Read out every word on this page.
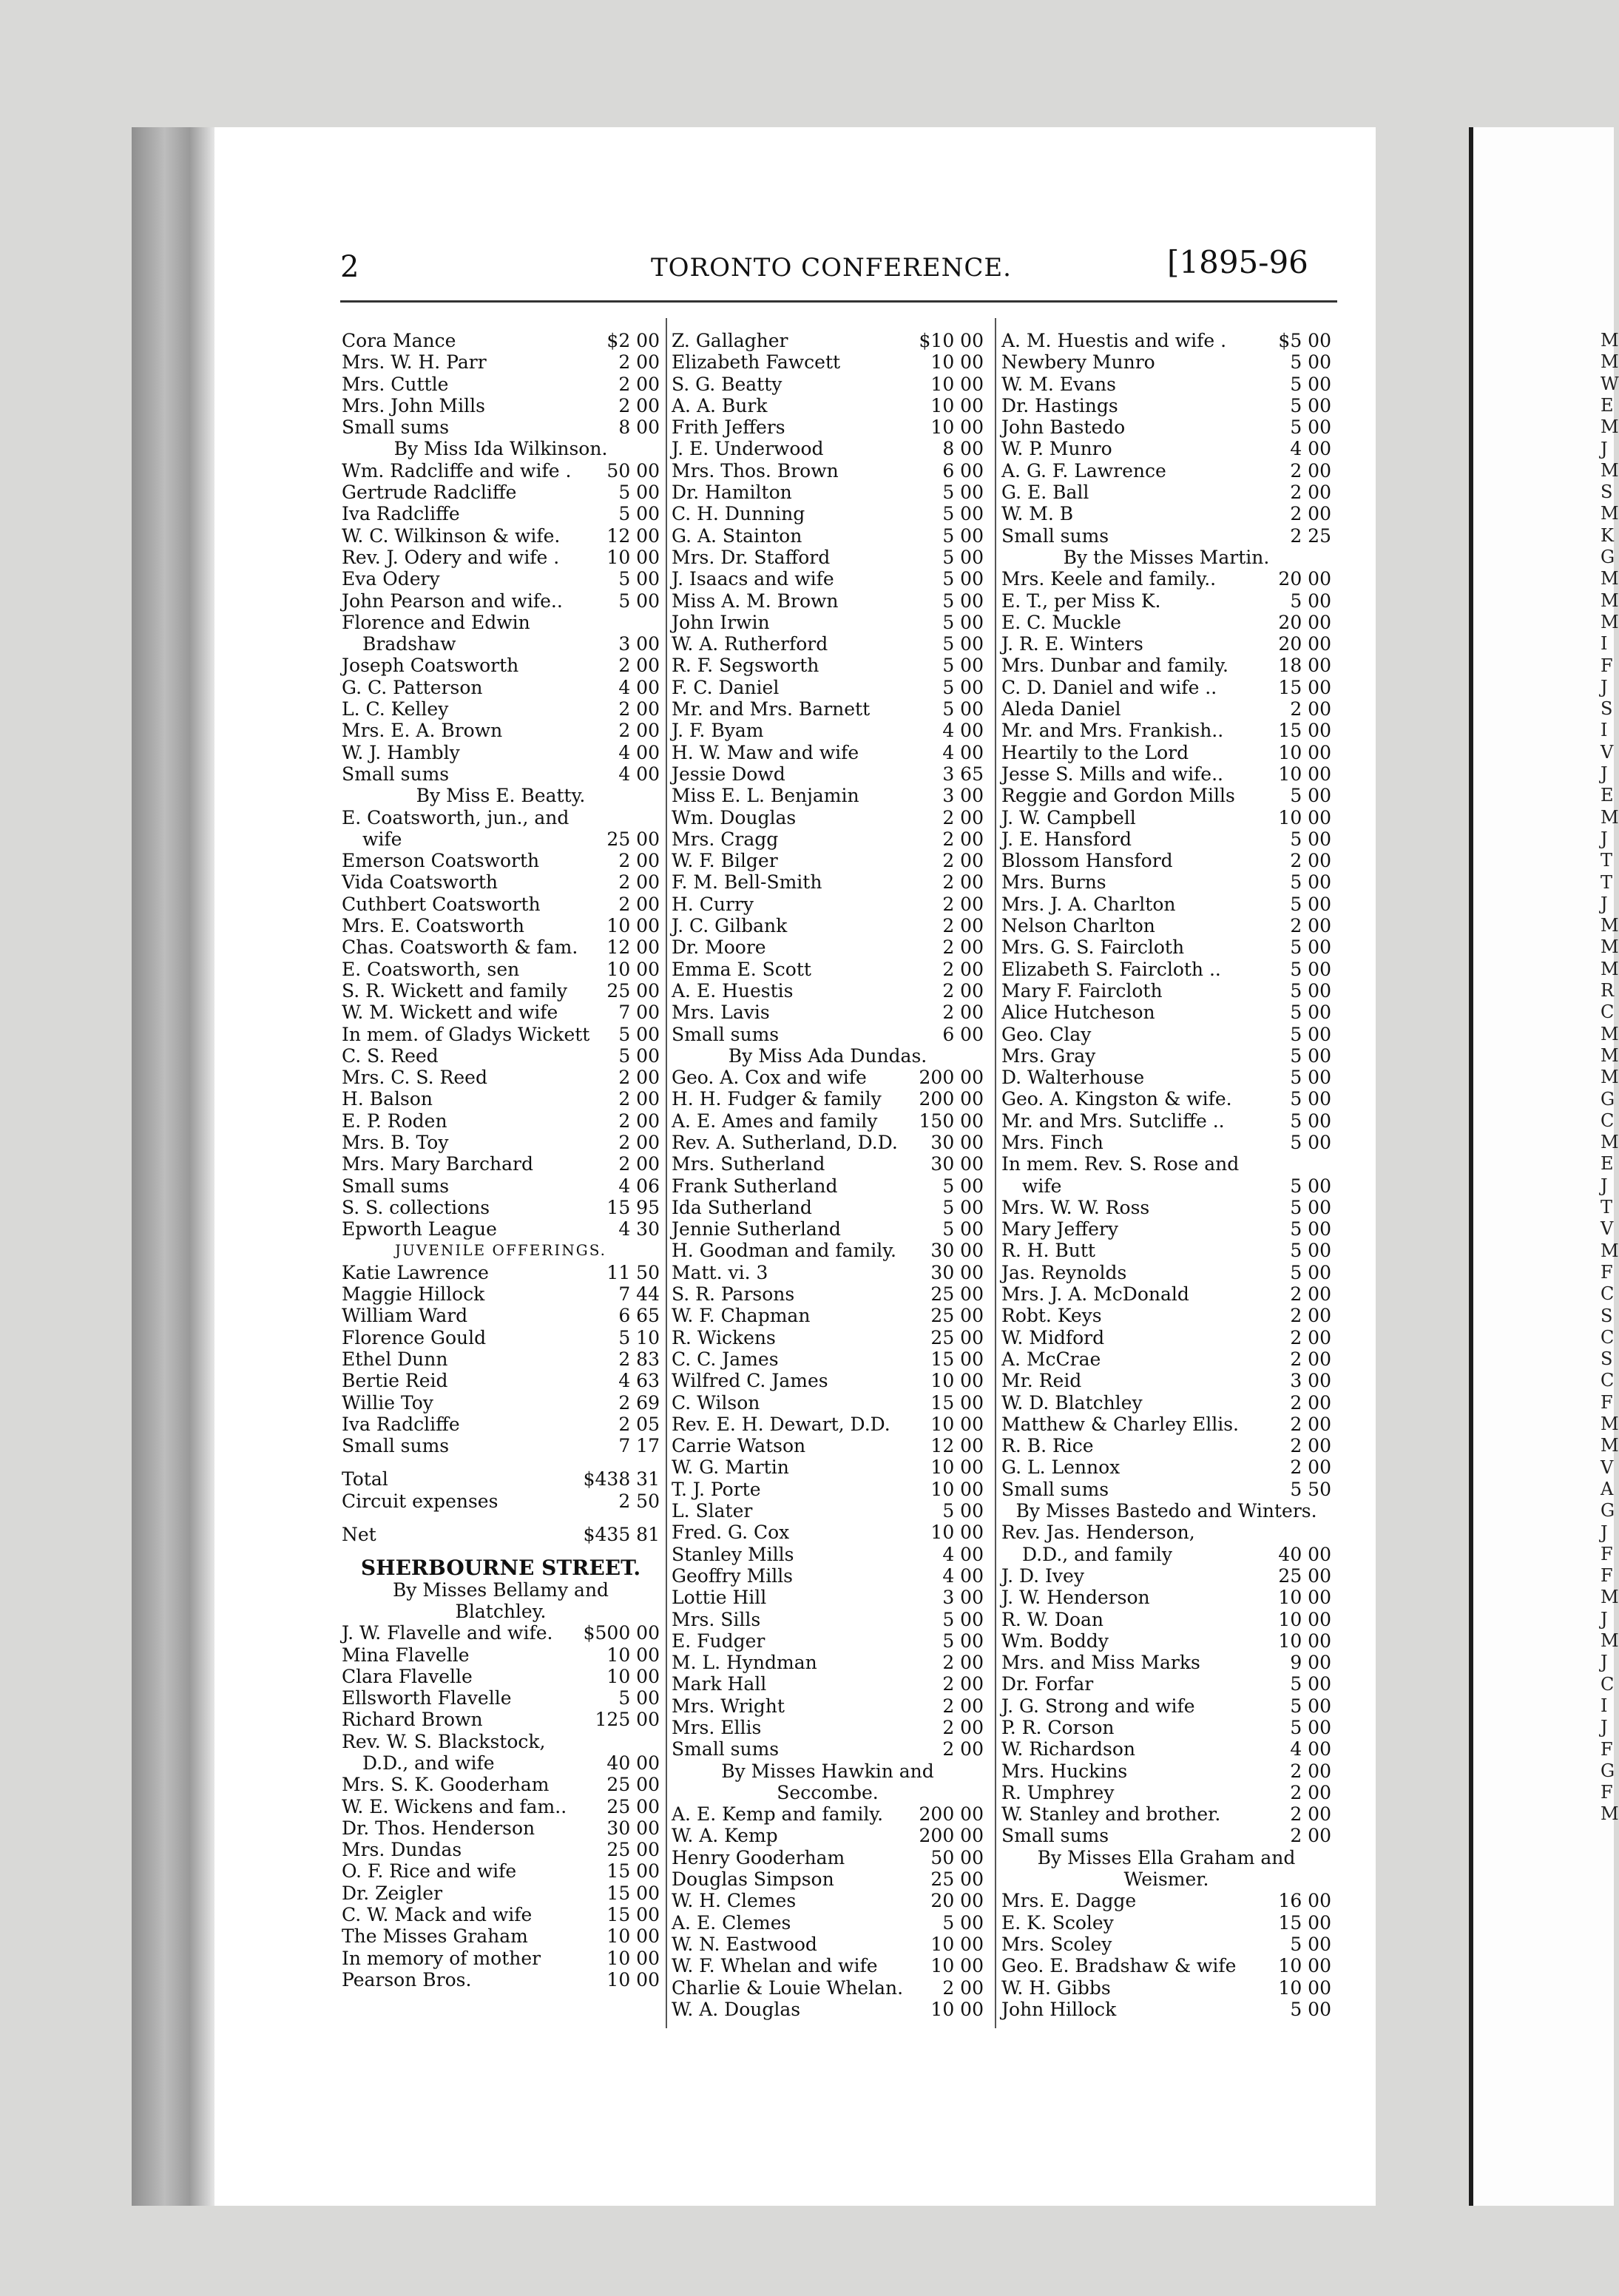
2	TORONTO CONFERENCE.	[1895-96
Cora Mance	$2 00
Mrs. W. H. Parr	2 00
Mrs. Cuttle	2 00
Mrs. John Mills	2 00
Small sums	8 00
By Miss Ida Wilkinson.
Wm. Radcliffe and wife .	50 00
Gertrude Radcliffe	5 00
Iva Radcliffe	5 00
W. C. Wilkinson & wife.	12 00
Rev. J. Odery and wife .	10 00
Eva Odery	5 00
John Pearson and wife..	5 00
Florence and Edwin
Bradshaw	3 00
Joseph Coatsworth	2 00
G. C. Patterson	4 00
L. C. Kelley	2 00
Mrs. E. A. Brown	2 00
W. J. Hambly	4 00
Small sums	4 00
By Miss E. Beatty.
E. Coatsworth, jun., and
wife	25 00
Emerson Coatsworth	2 00
Vida Coatsworth	2 00
Cuthbert Coatsworth	2 00
Mrs. E. Coatsworth	10 00
Chas. Coatsworth & fam.	12 00
E. Coatsworth, sen	10 00
S. R. Wickett and family	25 00
W. M. Wickett and wife	7 00
In mem. of Gladys Wickett	5 00
C. S. Reed	5 00
Mrs. C. S. Reed	2 00
H. Balson	2 00
E. P. Roden	2 00
Mrs. B. Toy	2 00
Mrs. Mary Barchard	2 00
Small sums	4 06
S. S. collections	15 95
Epworth League	4 30
JUVENILE OFFERINGS.
Katie Lawrence	11 50
Maggie Hillock	7 44
William Ward	6 65
Florence Gould	5 10
Ethel Dunn	2 83
Bertie Reid	4 63
Willie Toy	2 69
Iva Radcliffe	2 05
Small sums	7 17
Total	$438 31
Circuit expenses	2 50
Net	$435 81
SHERBOURNE STREET.
By Misses Bellamy and
Blatchley.
J. W. Flavelle and wife.	$500 00
Mina Flavelle	10 00
Clara Flavelle	10 00
Ellsworth Flavelle	5 00
Richard Brown	125 00
Rev. W. S. Blackstock,
D.D., and wife	40 00
Mrs. S. K. Gooderham	25 00
W. E. Wickens and fam..	25 00
Dr. Thos. Henderson	30 00
Mrs. Dundas	25 00
O. F. Rice and wife	15 00
Dr. Zeigler	15 00
C. W. Mack and wife	15 00
The Misses Graham	10 00
In memory of mother	10 00
Pearson Bros.	10 00
Z. Gallagher	$10 00
Elizabeth Fawcett	10 00
S. G. Beatty	10 00
A. A. Burk	10 00
Frith Jeffers	10 00
J. E. Underwood	8 00
Mrs. Thos. Brown	6 00
Dr. Hamilton	5 00
C. H. Dunning	5 00
G. A. Stainton	5 00
Mrs. Dr. Stafford	5 00
J. Isaacs and wife	5 00
Miss A. M. Brown	5 00
John Irwin	5 00
W. A. Rutherford	5 00
R. F. Segsworth	5 00
F. C. Daniel	5 00
Mr. and Mrs. Barnett	5 00
J. F. Byam	4 00
H. W. Maw and wife	4 00
Jessie Dowd	3 65
Miss E. L. Benjamin	3 00
Wm. Douglas	2 00
Mrs. Cragg	2 00
W. F. Bilger	2 00
F. M. Bell-Smith	2 00
H. Curry	2 00
J. C. Gilbank	2 00
Dr. Moore	2 00
Emma E. Scott	2 00
A. E. Huestis	2 00
Mrs. Lavis	2 00
Small sums	6 00
By Miss Ada Dundas.
Geo. A. Cox and wife	200 00
H. H. Fudger & family	200 00
A. E. Ames and family	150 00
Rev. A. Sutherland, D.D.	30 00
Mrs. Sutherland	30 00
Frank Sutherland	5 00
Ida Sutherland	5 00
Jennie Sutherland	5 00
H. Goodman and family.	30 00
Matt. vi. 3	30 00
S. R. Parsons	25 00
W. F. Chapman	25 00
R. Wickens	25 00
C. C. James	15 00
Wilfred C. James	10 00
C. Wilson	15 00
Rev. E. H. Dewart, D.D.	10 00
Carrie Watson	12 00
W. G. Martin	10 00
T. J. Porte	10 00
L. Slater	5 00
Fred. G. Cox	10 00
Stanley Mills	4 00
Geoffry Mills	4 00
Lottie Hill	3 00
Mrs. Sills	5 00
E. Fudger	5 00
M. L. Hyndman	2 00
Mark Hall	2 00
Mrs. Wright	2 00
Mrs. Ellis	2 00
Small sums	2 00
By Misses Hawkin and
Seccombe.
A. E. Kemp and family.	200 00
W. A. Kemp	200 00
Henry Gooderham	50 00
Douglas Simpson	25 00
W. H. Clemes	20 00
A. E. Clemes	5 00
W. N. Eastwood	10 00
W. F. Whelan and wife	10 00
Charlie & Louie Whelan.	2 00
W. A. Douglas	10 00
A. M. Huestis and wife .	$5 00
Newbery Munro	5 00
W. M. Evans	5 00
Dr. Hastings	5 00
John Bastedo	5 00
W. P. Munro	4 00
A. G. F. Lawrence	2 00
G. E. Ball	2 00
W. M. B	2 00
Small sums	2 25
By the Misses Martin.
Mrs. Keele and family..	20 00
E. T., per Miss K.	5 00
E. C. Muckle	20 00
J. R. E. Winters	20 00
Mrs. Dunbar and family.	18 00
C. D. Daniel and wife ..	15 00
Aleda Daniel	2 00
Mr. and Mrs. Frankish..	15 00
Heartily to the Lord	10 00
Jesse S. Mills and wife..	10 00
Reggie and Gordon Mills	5 00
J. W. Campbell	10 00
J. E. Hansford	5 00
Blossom Hansford	2 00
Mrs. Burns	5 00
Mrs. J. A. Charlton	5 00
Nelson Charlton	2 00
Mrs. G. S. Faircloth	5 00
Elizabeth S. Faircloth ..	5 00
Mary F. Faircloth	5 00
Alice Hutcheson	5 00
Geo. Clay	5 00
Mrs. Gray	5 00
D. Walterhouse	5 00
Geo. A. Kingston & wife.	5 00
Mr. and Mrs. Sutcliffe ..	5 00
Mrs. Finch	5 00
In mem. Rev. S. Rose and
wife	5 00
Mrs. W. W. Ross	5 00
Mary Jeffery	5 00
R. H. Butt	5 00
Jas. Reynolds	5 00
Mrs. J. A. McDonald	2 00
Robt. Keys	2 00
W. Midford	2 00
A. McCrae	2 00
Mr. Reid	3 00
W. D. Blatchley	2 00
Matthew & Charley Ellis.	2 00
R. B. Rice	2 00
G. L. Lennox	2 00
Small sums	5 50
By Misses Bastedo and Winters.
Rev. Jas. Henderson,
D.D., and family	40 00
J. D. Ivey	25 00
J. W. Henderson	10 00
R. W. Doan	10 00
Wm. Boddy	10 00
Mrs. and Miss Marks	9 00
Dr. Forfar	5 00
J. G. Strong and wife	5 00
P. R. Corson	5 00
W. Richardson	4 00
Mrs. Huckins	2 00
R. Umphrey	2 00
W. Stanley and brother.	2 00
Small sums	2 00
By Misses Ella Graham and
Weismer.
Mrs. E. Dagge	16 00
E. K. Scoley	15 00
Mrs. Scoley	5 00
Geo. E. Bradshaw & wife	10 00
W. H. Gibbs	10 00
John Hillock	5 00
M
M
W
E
M
J
M
S
M
K
G
M
M
M
I
F
J
S
I
V
J
E
M
J
T
T
J
M
M
M
R
C
M
M
M
G
C
M
E
J
T
V
M
F
C
S
C
S
C
F
M
M
V
A
G
J
F
F
M
J
M
J
C
I
J
F
G
F
M
